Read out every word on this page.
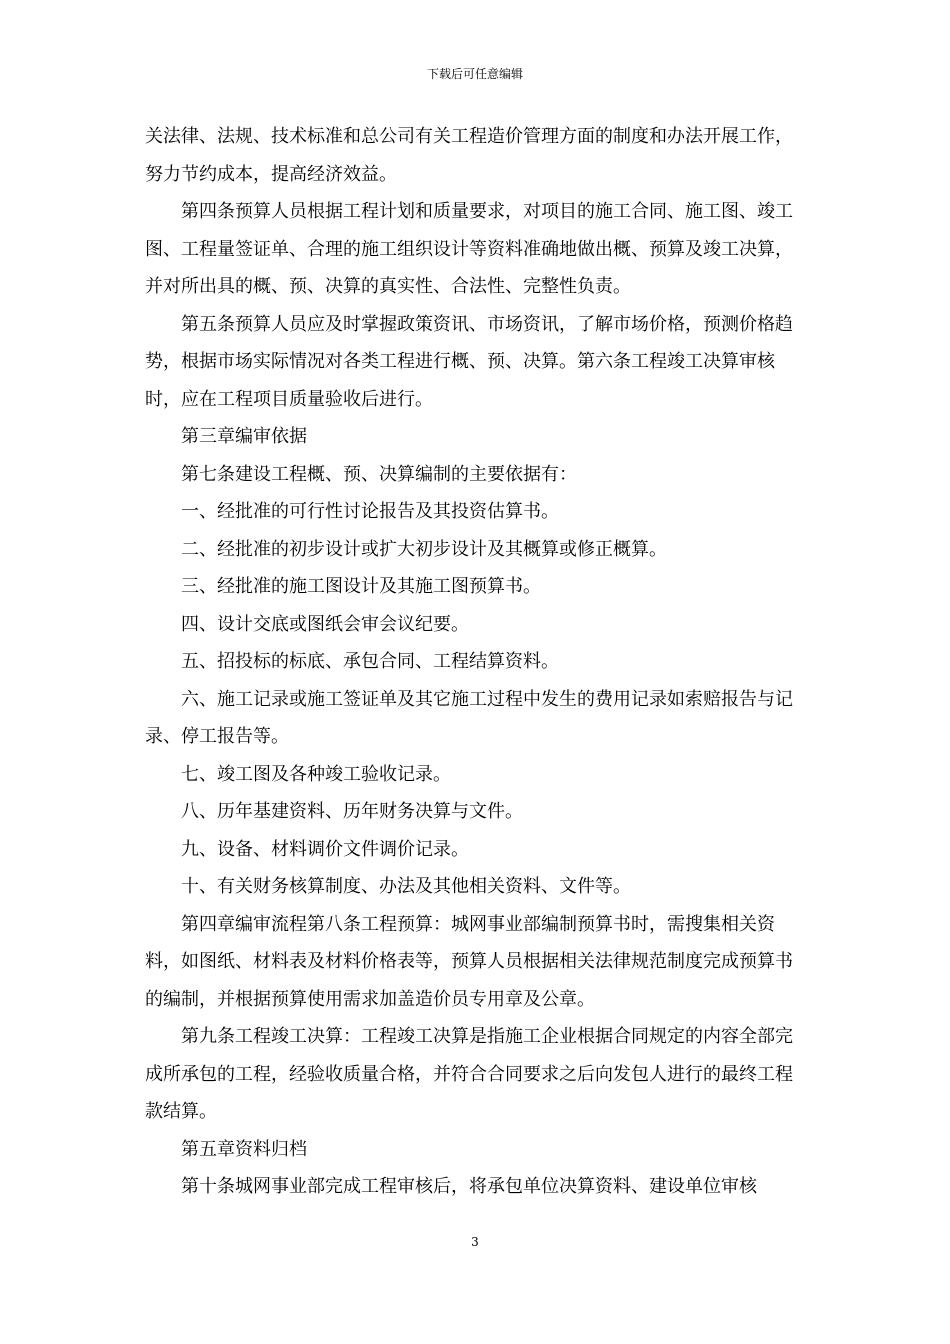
下载后可任意编辑

关法律、法规、技术标准和总公司有关工程造价管理方面的制度和办法开展工作，努力节约成本，提高经济效益。

第四条预算人员根据工程计划和质量要求，对项目的施工合同、施工图、竣工图、工程量签证单、合理的施工组织设计等资料准确地做出概、预算及竣工决算，并对所出具的概、预、决算的真实性、合法性、完整性负责。

第五条预算人员应及时掌握政策资讯、市场资讯，了解市场价格，预测价格趋势，根据市场实际情况对各类工程进行概、预、决算。第六条工程竣工决算审核时，应在工程项目质量验收后进行。

第三章编审依据

第七条建设工程概、预、决算编制的主要依据有：

一、经批准的可行性讨论报告及其投资估算书。

二、经批准的初步设计或扩大初步设计及其概算或修正概算。

三、经批准的施工图设计及其施工图预算书。

四、设计交底或图纸会审会议纪要。

五、招投标的标底、承包合同、工程结算资料。

六、施工记录或施工签证单及其它施工过程中发生的费用记录如索赔报告与记录、停工报告等。

七、竣工图及各种竣工验收记录。

八、历年基建资料、历年财务决算与文件。

九、设备、材料调价文件调价记录。

十、有关财务核算制度、办法及其他相关资料、文件等。

第四章编审流程第八条工程预算：城网事业部编制预算书时，需搜集相关资料，如图纸、材料表及材料价格表等，预算人员根据相关法律规范制度完成预算书的编制，并根据预算使用需求加盖造价员专用章及公章。

第九条工程竣工决算：工程竣工决算是指施工企业根据合同规定的内容全部完成所承包的工程，经验收质量合格，并符合合同要求之后向发包人进行的最终工程款结算。

第五章资料归档

第十条城网事业部完成工程审核后，将承包单位决算资料、建设单位审核

3
